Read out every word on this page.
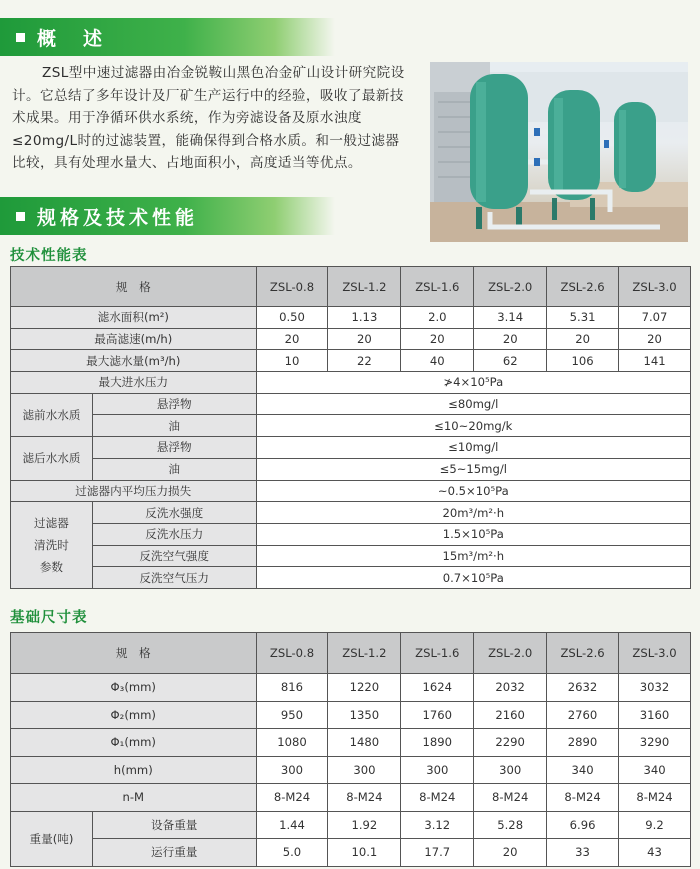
概　述

ZSL型中速过滤器由冶金锐鞍山黑色冶金矿山设计研究院设计。它总结了多年设计及厂矿生产运行中的经验，吸收了最新技术成果。用于净循环供水系统，作为旁滤设备及原水浊度≤20mg/L时的过滤装置，能确保得到合格水质。和一般过滤器比较，具有处理水量大、占地面积小，高度适当等优点。

规格及技术性能
技术性能表
规　格		ZSL-0.8	ZSL-1.2	ZSL-1.6	ZSL-2.0	ZSL-2.6	ZSL-3.0
滤水面积(m²)		0.50	1.13	2.0	3.14	5.31	7.07
最高滤速(m/h)		20	20	20	20	20	20
最大滤水量(m³/h)		10	22	40	62	106	141
最大进水压力		≯4×10⁵Pa					
滤前水水质	悬浮物	≤80mg/l					
	油	≤10~20mg/k					
滤后水水质	悬浮物	≤10mg/l					
	油	≤5~15mg/l					
过滤器内平均压力损失		~0.5×10⁵Pa					

过滤器
清洗时
参数	反洗水强度	20m³/m²·h					
	反洗水压力	1.5×10⁵Pa					
	反洗空气强度	15m³/m²·h					
	反洗空气压力	0.7×10⁵Pa					
基础尺寸表
规　格		ZSL-0.8	ZSL-1.2	ZSL-1.6	ZSL-2.0	ZSL-2.6	ZSL-3.0
Φ₃(mm)		816	1220	1624	2032	2632	3032
Φ₂(mm)		950	1350	1760	2160	2760	3160
Φ₁(mm)		1080	1480	1890	2290	2890	3290
h(mm)		300	300	300	300	340	340
n-M		8-M24	8-M24	8-M24	8-M24	8-M24	8-M24
重量(吨)	设备重量	1.44	1.92	3.12	5.28	6.96	9.2
	运行重量	5.0	10.1	17.7	20	33	43
